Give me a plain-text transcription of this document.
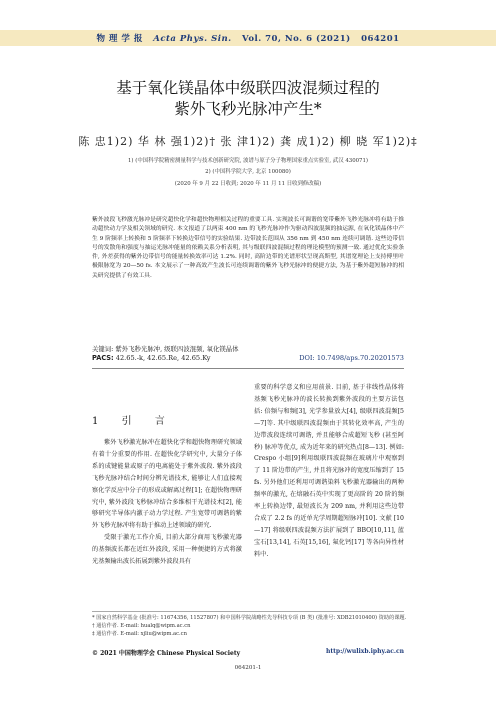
物 理 学 报 Acta Phys. Sin. Vol. 70, No. 6 (2021) 064201
基于氧化镁晶体中级联四波混频过程的
紫外飞秒光脉冲产生*
陈 忠1)2) 华 林 强1)2)† 张 津1)2) 龚 成1)2) 柳 晓 军1)2)‡
1) (中国科学院精密测量科学与技术创新研究院, 波谱与原子分子物理国家重点实验室, 武汉 430071)
2) (中国科学院大学, 北京 100080)
(2020 年 9 月 22 日收到; 2020 年 11 月 11 日收到修改稿)
紫外波段飞秒激光脉冲是研究超快化学和超快物理相关过程的重要工具. 实现波长可调谐的宽带紫外飞秒光脉冲将有助于推动超快动力学及相关领域的研究. 本文报道了以两束 400 nm 的飞秒光脉冲作为驱动四波混频的抽运源, 在氧化镁晶体中产生 9 阶频率上转换和 5 阶频率下转换边带信号的实验结果. 边带波长范围从 356 nm 到 450 nm 连续可调谐. 这些边带信号的发散角和强度与抽运光脉冲能量的依赖关系分析表明, 其与级联四波混频过程的理论模型的预测一致. 通过优化实验条件, 外差获得的紫外边带信号的能量转换效率可达 1.2%. 同时, 高阶边带的光谱形状呈现高斯型, 其谱宽理论上支持傅里叶极限脉宽为 20—50 fs. 本文展示了一种高效产生波长可连续调谐的紫外飞秒光脉冲的便捷方法, 为基于紫外超短脉冲的相关研究提供了有效工具.
关键词: 紫外飞秒光脉冲, 级联四波混频, 氧化镁晶体
PACS: 42.65.-k, 42.65.Re, 42.65.Ky	DOI: 10.7498/aps.70.20201573
1 引 言

紫外飞秒激光脉冲在超快化学和超快物理研究领域有着十分重要的作用. 在超快化学研究中, 大量分子体系的成键能量或原子的电离能处于紫外波段. 紫外波段飞秒光脉冲结合时间分辨光谱技术, 能够让人们直接观察化学反应中分子的形成或解离过程[1]; 在超快物理研究中, 紫外波段飞秒脉冲结合多维相干光谱技术[2], 能够研究半导体内激子动力学过程. 产生宽带可调谐的紫外飞秒光脉冲将有助于推动上述领域的研究.

受限于激光工作介质, 目前大部分商用飞秒激光器的基频波长都在近红外波段, 采用一种便捷的方式将激光基频输出波长拓展到紫外波段具有

重要的科学意义和应用前景. 目前, 基于非线性晶体将基频飞秒光脉冲的波长转换到紫外波段的主要方法包括: 倍频与和频[3], 光学参量放大[4], 级联四波混频[5—7]等. 其中级联四波混频由于其转化效率高, 产生的边带波段连续可调谐, 并且能够合成超短飞秒 (甚至阿秒) 脉冲等优点, 成为近年来的研究热点[8—13]. 例如: Crespo 小组[9]利用级联四波混频在玻璃片中观察到了 11 阶边带的产生, 并且将光脉冲的宽度压缩到了 15 fs. 另外他们还利用可调谐染料飞秒激光器输出的两种频率的激光, 在熔融石英中实现了更高阶的 20 阶的频率上转换边带, 最短波长为 209 nm, 并利用这些边带合成了 2.2 fs 的近单光学周期超短脉冲[10]. 文献 [10—17] 将级联四波混频方法扩展到了 BBO[10,11], 蓝宝石[13,14], 石英[15,16], 氟化钙[17] 等各向异性材料中.

* 国家自然科学基金 (批准号: 11674356, 11527807) 和中国科学院战略性先导科技专项 (B 类) (批准号: XDB21010400) 资助的课题.
† 通信作者. E-mail: hualq@wipm.ac.cn
‡ 通信作者. E-mail: xjliu@wipm.ac.cn
© 2021 中国物理学会 Chinese Physical Society	http://wulixb.iphy.ac.cn
064201-1
